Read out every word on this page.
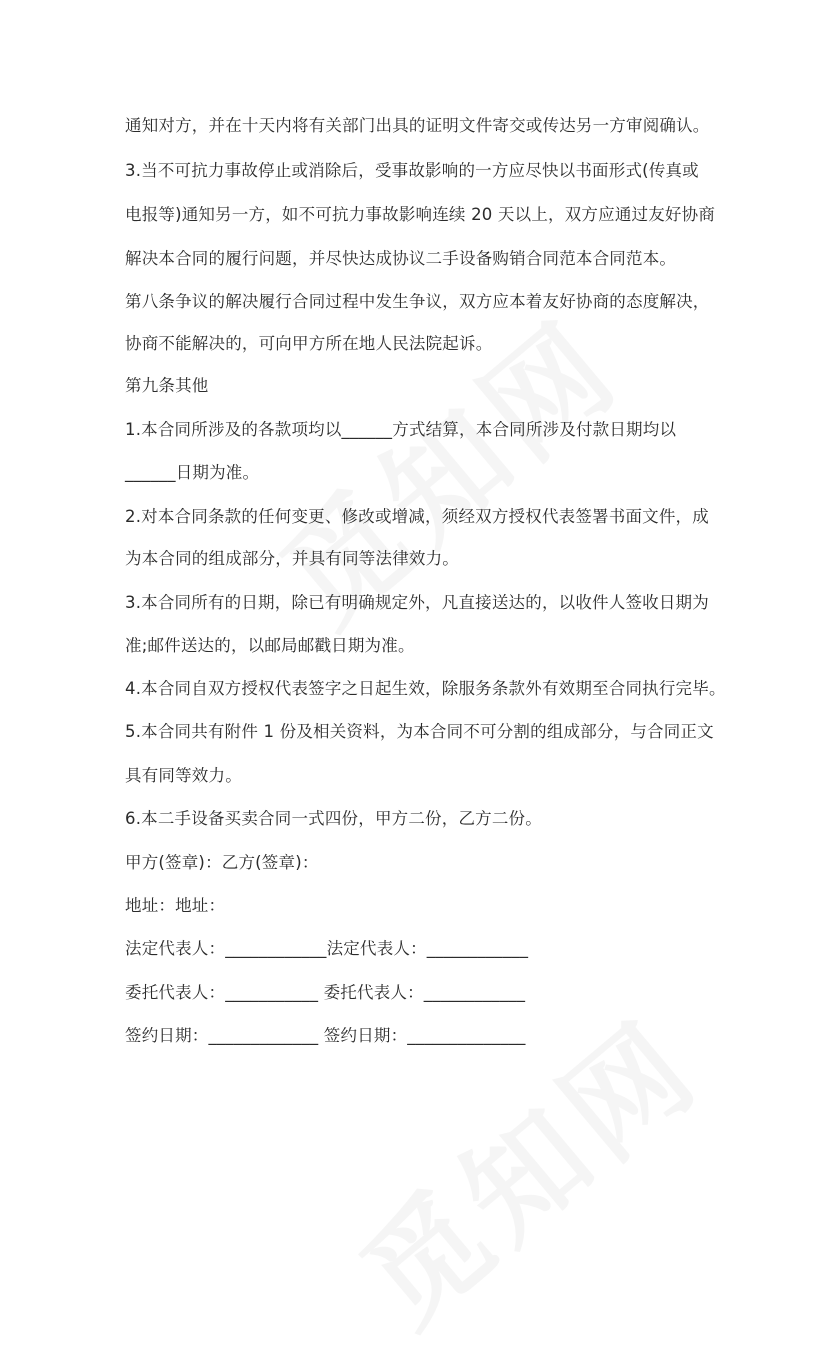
通知对方，并在十天内将有关部门出具的证明文件寄交或传达另一方审阅确认。
3.当不可抗力事故停止或消除后，受事故影响的一方应尽快以书面形式(传真或
电报等)通知另一方，如不可抗力事故影响连续 20 天以上，双方应通过友好协商
解决本合同的履行问题，并尽快达成协议二手设备购销合同范本合同范本。
第八条争议的解决履行合同过程中发生争议，双方应本着友好协商的态度解决，
协商不能解决的，可向甲方所在地人民法院起诉。
第九条其他
1.本合同所涉及的各款项均以______方式结算，本合同所涉及付款日期均以
______日期为准。
2.对本合同条款的任何变更、修改或增减，须经双方授权代表签署书面文件，成
为本合同的组成部分，并具有同等法律效力。
3.本合同所有的日期，除已有明确规定外，凡直接送达的，以收件人签收日期为
准;邮件送达的，以邮局邮戳日期为准。
4.本合同自双方授权代表签字之日起生效，除服务条款外有效期至合同执行完毕。
5.本合同共有附件 1 份及相关资料，为本合同不可分割的组成部分，与合同正文
具有同等效力。
6.本二手设备买卖合同一式四份，甲方二份，乙方二份。
甲方(签章)：乙方(签章)：
地址：地址：
法定代表人：____________法定代表人：____________
委托代表人：___________ 委托代表人：____________
签约日期：_____________ 签约日期：______________
